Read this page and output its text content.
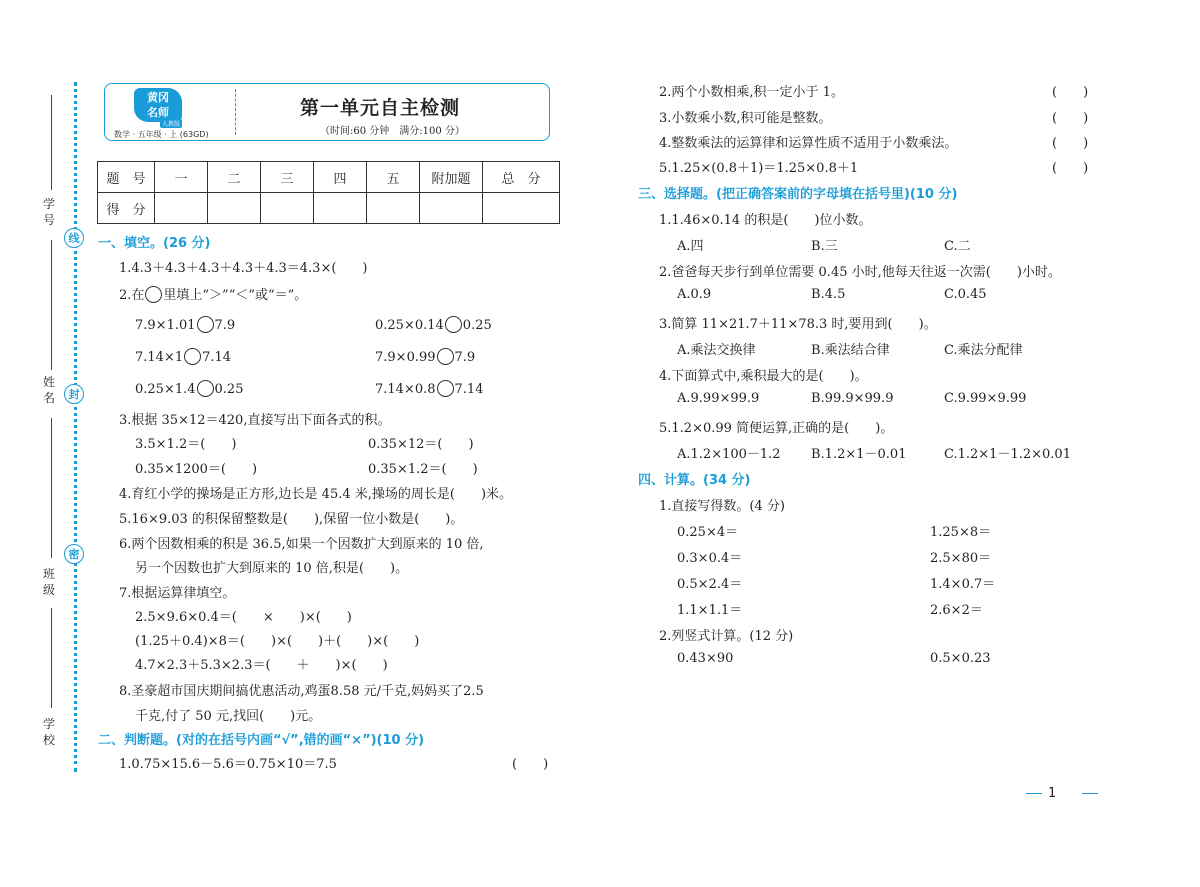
学号
姓名
班级
学校
线
封
密
黄冈
名师
人教版
数学 · 五年级 · 上 (63GD)
第一单元自主检测
（时间:60 分钟　满分:100 分）
题　号	一	二	三	四	五	附加题	总　分
得　分							
一、填空。(26 分)
1.4.3＋4.3＋4.3＋4.3＋4.3＝4.3×(　　)
2.在 里填上“＞”“＜”或“＝”。
7.9×1.01 7.9	0.25×0.14 0.25
7.14×1 7.14	7.9×0.99 7.9
0.25×1.4 0.25	7.14×0.8 7.14
3.根据 35×12＝420,直接写出下面各式的积。
3.5×1.2＝(　　)	0.35×12＝(　　)
0.35×1200＝(　　)	0.35×1.2＝(　　)
4.育红小学的操场是正方形,边长是 45.4 米,操场的周长是(　　)米。
5.16×9.03 的积保留整数是(　　),保留一位小数是(　　)。
6.两个因数相乘的积是 36.5,如果一个因数扩大到原来的 10 倍,
另一个因数也扩大到原来的 10 倍,积是(　　)。
7.根据运算律填空。
2.5×9.6×0.4＝(　　×　　)×(　　)
(1.25＋0.4)×8＝(　　)×(　　)＋(　　)×(　　)
4.7×2.3＋5.3×2.3＝(　　＋　　)×(　　)
8.圣豪超市国庆期间搞优惠活动,鸡蛋8.58 元/千克,妈妈买了2.5
千克,付了 50 元,找回(　　)元。
二、判断题。(对的在括号内画“√”,错的画“×”)(10 分)
1.0.75×15.6－5.6＝0.75×10＝7.5	(　　)
2.两个小数相乘,积一定小于 1。	(　　)
3.小数乘小数,积可能是整数。	(　　)
4.整数乘法的运算律和运算性质不适用于小数乘法。	(　　)
5.1.25×(0.8＋1)＝1.25×0.8＋1	(　　)
三、选择题。(把正确答案前的字母填在括号里)(10 分)
1.1.46×0.14 的积是(　　)位小数。
A.四	B.三	C.二
2.爸爸每天步行到单位需要 0.45 小时,他每天往返一次需(　　)小时。
A.0.9	B.4.5	C.0.45
3.简算 11×21.7＋11×78.3 时,要用到(　　)。
A.乘法交换律	B.乘法结合律	C.乘法分配律
4.下面算式中,乘积最大的是(　　)。
A.9.99×99.9	B.99.9×99.9	C.9.99×9.99
5.1.2×0.99 简便运算,正确的是(　　)。
A.1.2×100－1.2 B.1.2×1－0.01	C.1.2×1－1.2×0.01
四、计算。(34 分)
1.直接写得数。(4 分)
0.25×4＝	1.25×8＝
0.3×0.4＝	2.5×80＝
0.5×2.4＝	1.4×0.7＝
1.1×1.1＝	2.6×2＝
2.列竖式计算。(12 分)
0.43×90	0.5×0.23
1
